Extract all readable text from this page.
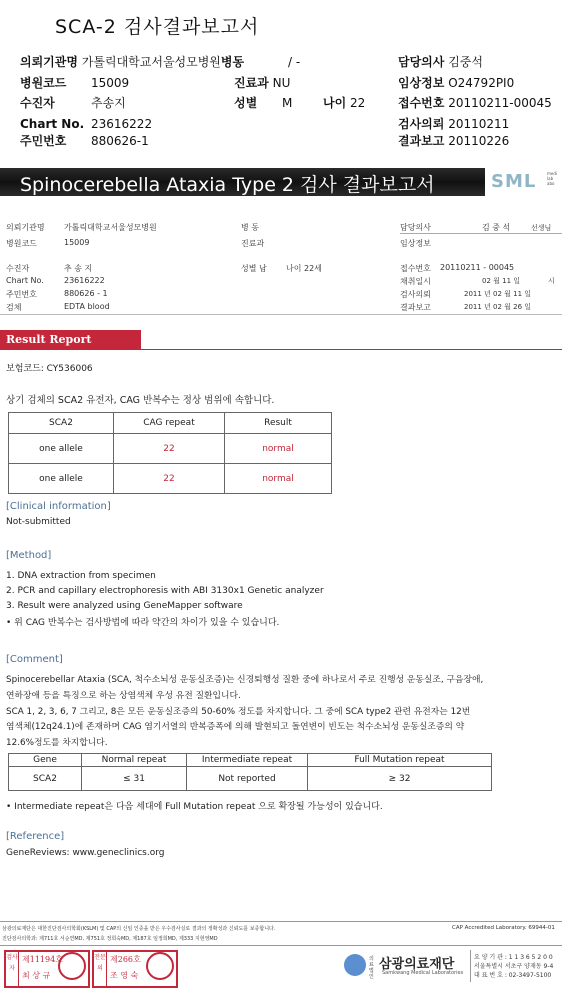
SCA-2 검사결과보고서
의뢰기관명 가톨릭대학교서울성모병원병동	/ -	담당의사 김중석
병원코드 15009	진료과 NU	임상정보 O24792PI0
수진자	추송지	성별 M	나이 22	접수번호 20110211-00045
Chart No. 23616222	검사의뢰 20110211
주민번호 880626-1	결과보고 20110226
Spinocerebella Ataxia Type 2 검사 결과보고서	SML	medi
lab
abo
의뢰기관명 가톨릭대학교서울성모병원	병 동	담당의사	김 중 석	선생님
병원코드	15009	진료과	임상정보
수진자	추 송 지	성별 남 나이 22세	접수번호 20110211 - 00045
Chart No.	23616222	채취일시	02 월 11 일	시
주민번호	880626 - 1	검사의뢰	2011 년 02 월 11 일
검체	EDTA blood	결과보고	2011 년 02 월 26 일
Result Report
보험코드: CY536006
상기 검체의 SCA2 유전자, CAG 반복수는 정상 범위에 속합니다.
SCA2	CAG repeat	Result
one allele	22	normal
one allele	22	normal
[Clinical information]
Not-submitted
[Method]
1. DNA extraction from specimen
2. PCR and capillary electrophoresis with ABI 3130x1 Genetic analyzer
3. Result were analyzed using GeneMapper software
• 위 CAG 반복수는 검사방법에 따라 약간의 차이가 있을 수 있습니다.
[Comment]
Spinocerebellar Ataxia (SCA, 척수소뇌성 운동실조증)는 신경퇴행성 질환 중에 하나로서 주로 진행성 운동실조, 구음장애,
연하장애 등을 특징으로 하는 상염색체 우성 유전 질환입니다.
SCA 1, 2, 3, 6, 7 그리고, 8은 모든 운동실조증의 50-60% 정도를 차지합니다. 그 중에 SCA type2 관련 유전자는 12번
염색체(12q24.1)에 존재하며 CAG 염기서열의 반복증폭에 의해 발현되고 돌연변이 빈도는 척수소뇌성 운동실조증의 약
12.6%정도를 차지합니다.
Gene	Normal repeat	Intermediate repeat	Full Mutation repeat
SCA2	≤ 31	Not reported	≥ 32
• Intermediate repeat은 다음 세대에 Full Mutation repeat 으로 확장될 가능성이 있습니다.
[Reference]
GeneReviews: www.geneclinics.org
삼광의료재단은 대한진단검사의학회(KSLM) 및 CAP의 신임 인증을 받은 우수검사실로 결과의 정확성과 신뢰도를 보증합니다.	CAP Accredited Laboratory. 69944-01
진단검사의학과: 제711호 서순연MD, 제751호 정희숙MD, 제187호 임정희MD, 제333 지현영MD
검사자
제11194호
최 상 규
전문의
제266호
조 영 숙
의료법인
삼광의료재단
Samkwang Medical Laboratories
요 양 기 관 : 1 1 3 6 5 2 0 0
서울특별시 서초구 양재동 9-4
대 표 번 호 : 02-3497-5100
